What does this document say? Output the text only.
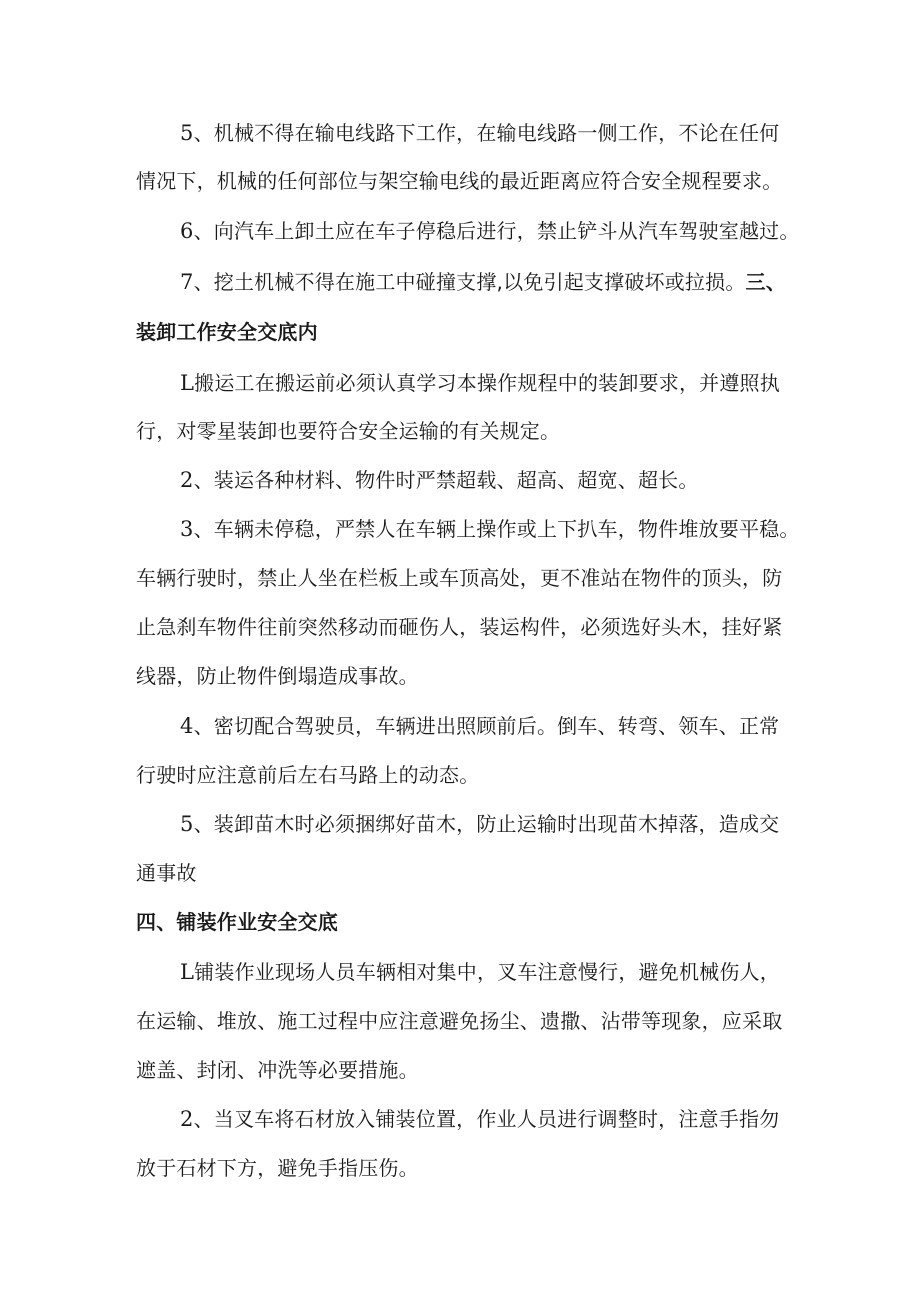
5、机械不得在输电线路下工作，在输电线路一侧工作，不论在任何
情况下，机械的任何部位与架空输电线的最近距离应符合安全规程要求。
6、向汽车上卸土应在车子停稳后进行，禁止铲斗从汽车驾驶室越过。
7、挖土机械不得在施工中碰撞支撑,以免引起支撑破坏或拉损。三、
装卸工作安全交底内
L搬运工在搬运前必须认真学习本操作规程中的装卸要求，并遵照执
行，对零星装卸也要符合安全运输的有关规定。
2、装运各种材料、物件时严禁超载、超高、超宽、超长。
3、车辆未停稳，严禁人在车辆上操作或上下扒车，物件堆放要平稳。
车辆行驶时，禁止人坐在栏板上或车顶高处，更不准站在物件的顶头，防
止急刹车物件往前突然移动而砸伤人，装运构件，必须选好头木，挂好紧
线器，防止物件倒塌造成事故。
4、密切配合驾驶员，车辆进出照顾前后。倒车、转弯、领车、正常
行驶时应注意前后左右马路上的动态。
5、装卸苗木时必须捆绑好苗木，防止运输时出现苗木掉落，造成交
通事故
四、铺装作业安全交底
L铺装作业现场人员车辆相对集中，叉车注意慢行，避免机械伤人，
在运输、堆放、施工过程中应注意避免扬尘、遗撒、沾带等现象，应采取
遮盖、封闭、冲洗等必要措施。
2、当叉车将石材放入铺装位置，作业人员进行调整时，注意手指勿
放于石材下方，避免手指压伤。
